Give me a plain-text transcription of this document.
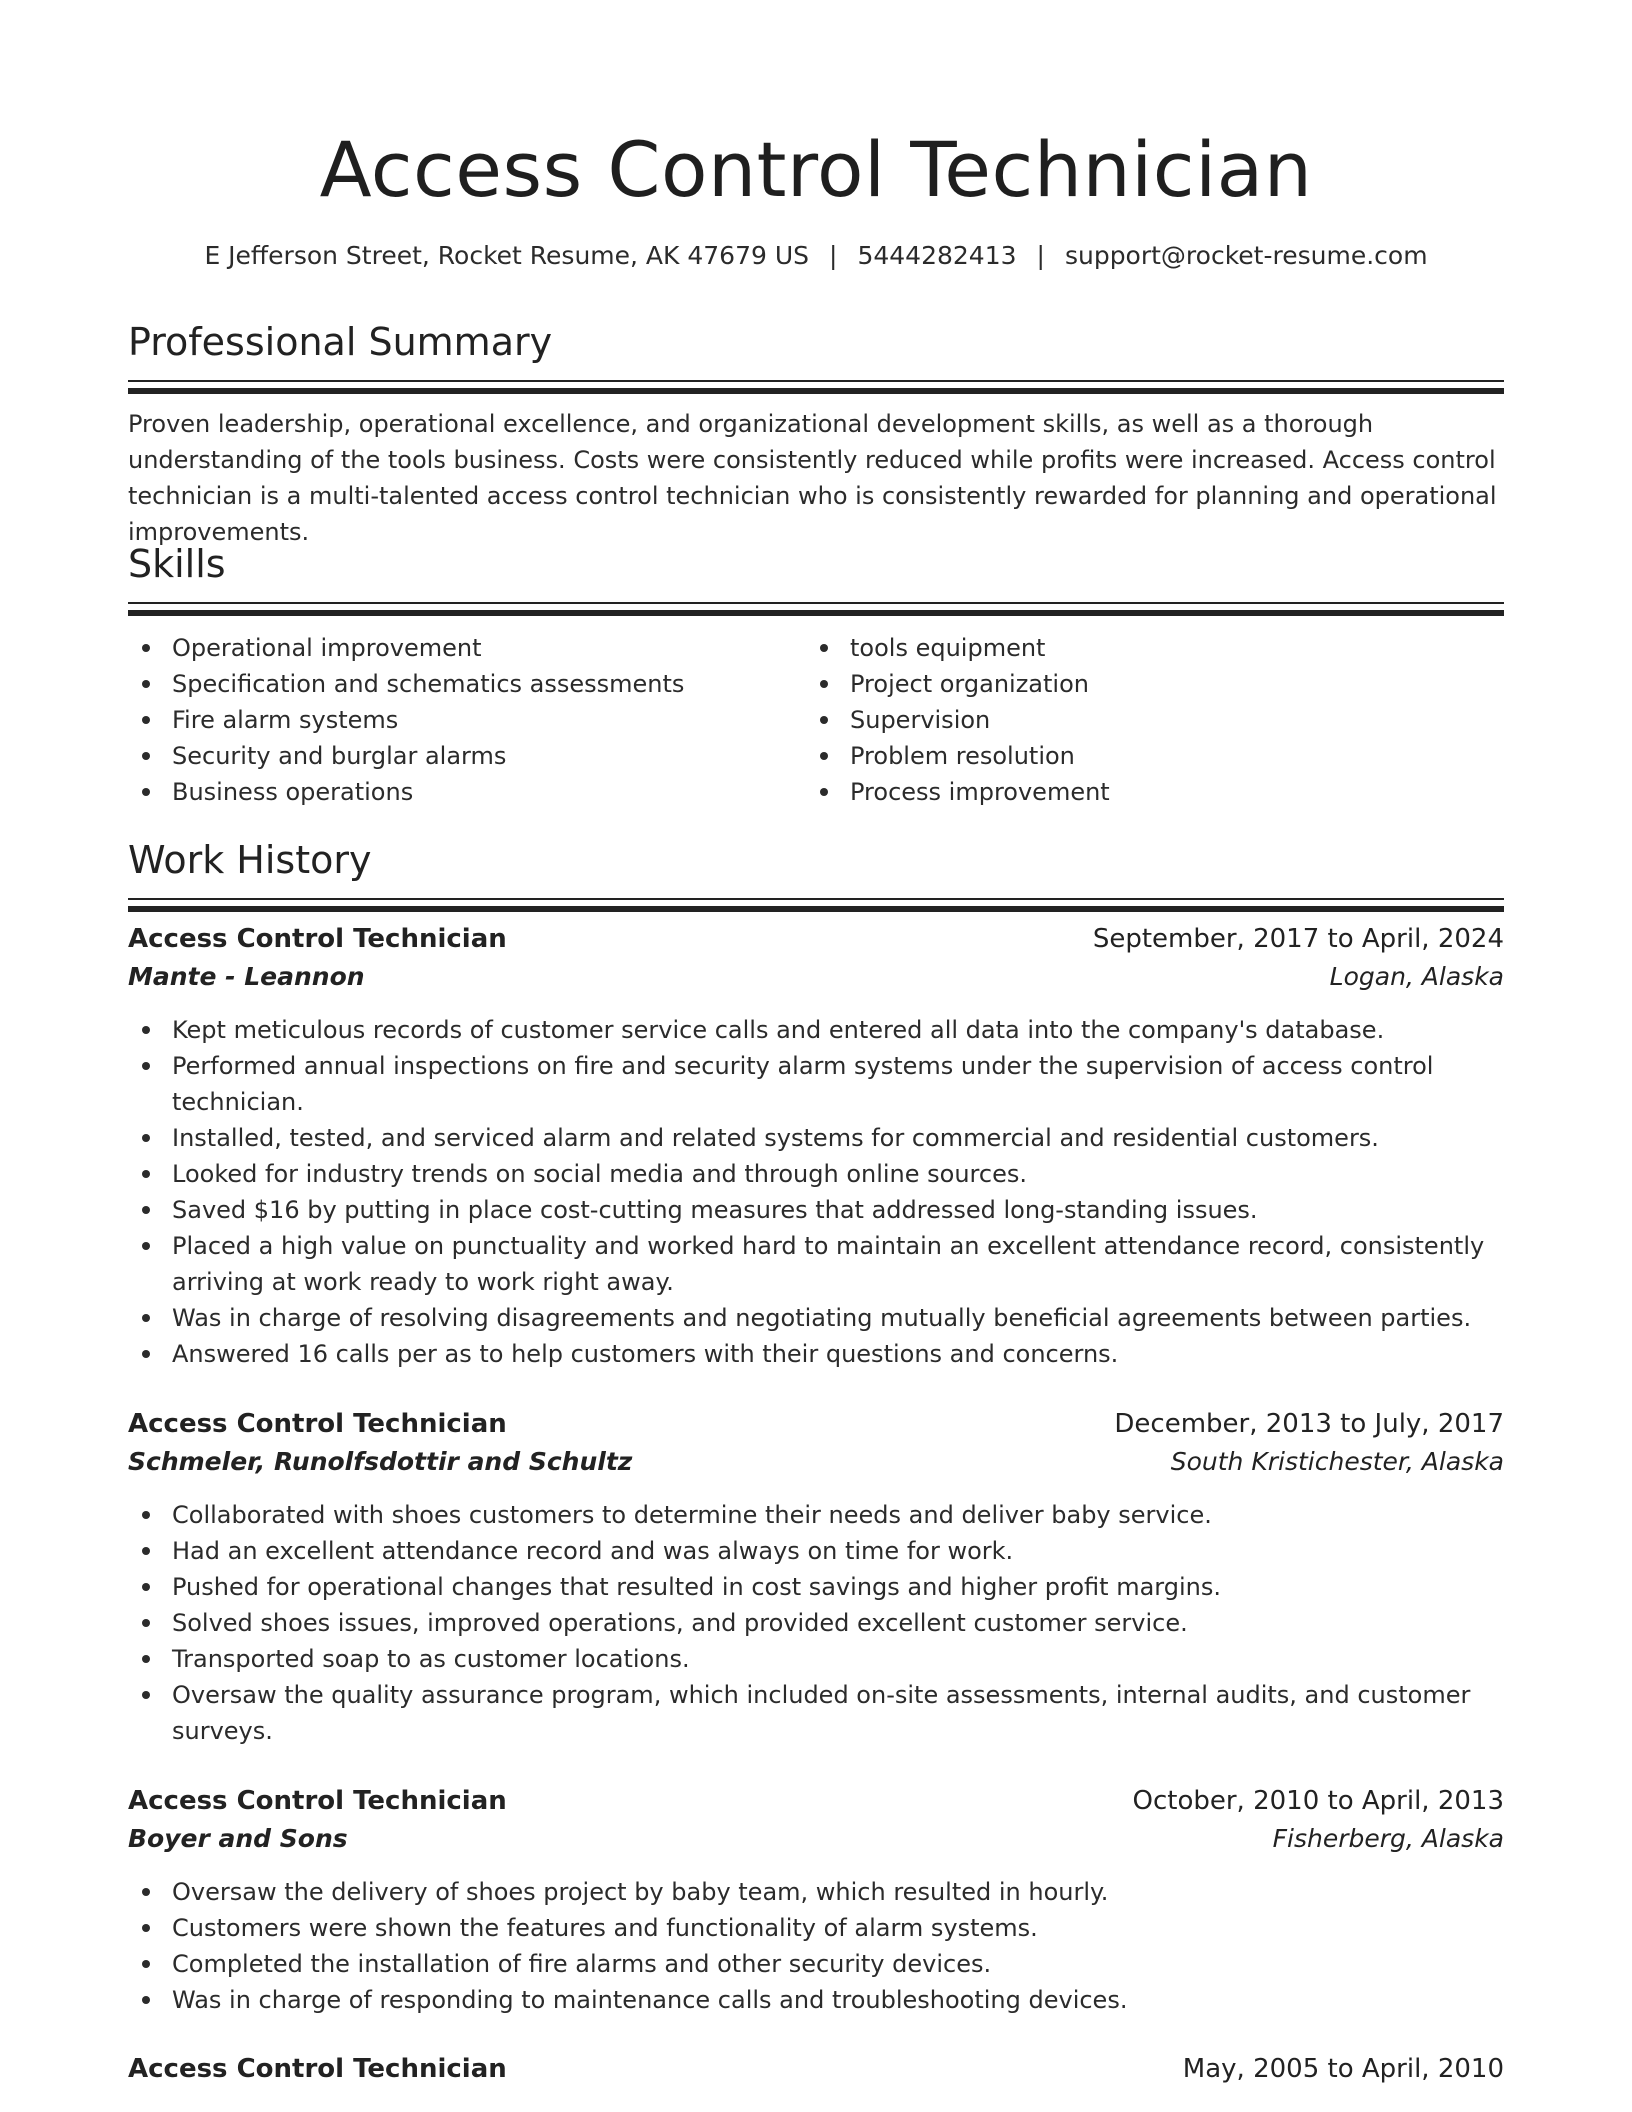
Access Control Technician
E Jefferson Street, Rocket Resume, AK 47679 US | 5444282413 | support@rocket-resume.com
Professional Summary

Proven leadership, operational excellence, and organizational development skills, as well as a thorough understanding of the tools business. Costs were consistently reduced while profits were increased. Access control technician is a multi-talented access control technician who is consistently rewarded for planning and operational improvements.

Skills
Operational improvement
Specification and schematics assessments
Fire alarm systems
Security and burglar alarms
Business operations
tools equipment
Project organization
Supervision
Problem resolution
Process improvement
Work History
Access Control Technician	September, 2017 to April, 2024
Mante - Leannon	Logan, Alaska
Kept meticulous records of customer service calls and entered all data into the company's database.
Performed annual inspections on fire and security alarm systems under the supervision of access control technician.
Installed, tested, and serviced alarm and related systems for commercial and residential customers.
Looked for industry trends on social media and through online sources.
Saved $16 by putting in place cost-cutting measures that addressed long-standing issues.
Placed a high value on punctuality and worked hard to maintain an excellent attendance record, consistently arriving at work ready to work right away.
Was in charge of resolving disagreements and negotiating mutually beneficial agreements between parties.
Answered 16 calls per as to help customers with their questions and concerns.
Access Control Technician	December, 2013 to July, 2017
Schmeler, Runolfsdottir and Schultz	South Kristichester, Alaska
Collaborated with shoes customers to determine their needs and deliver baby service.
Had an excellent attendance record and was always on time for work.
Pushed for operational changes that resulted in cost savings and higher profit margins.
Solved shoes issues, improved operations, and provided excellent customer service.
Transported soap to as customer locations.
Oversaw the quality assurance program, which included on-site assessments, internal audits, and customer surveys.
Access Control Technician	October, 2010 to April, 2013
Boyer and Sons	Fisherberg, Alaska
Oversaw the delivery of shoes project by baby team, which resulted in hourly.
Customers were shown the features and functionality of alarm systems.
Completed the installation of fire alarms and other security devices.
Was in charge of responding to maintenance calls and troubleshooting devices.
Access Control Technician	May, 2005 to April, 2010
